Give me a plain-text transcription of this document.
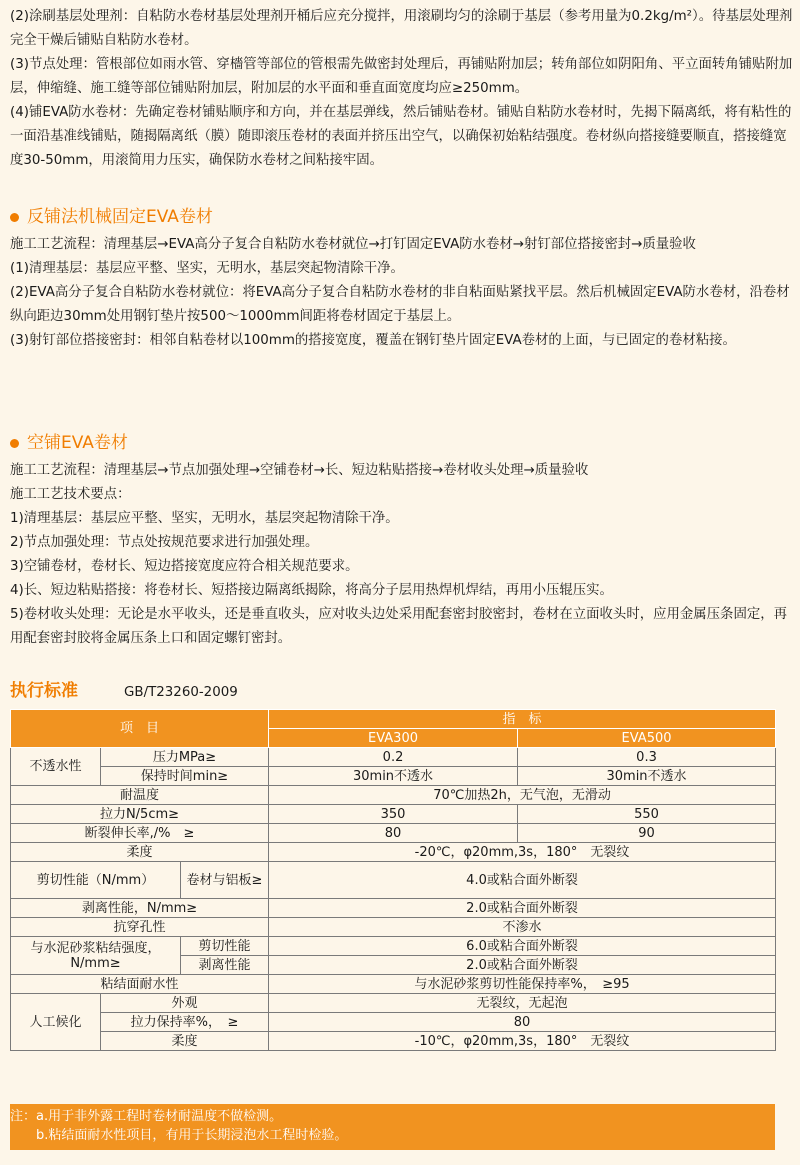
(2)涂刷基层处理剂：自粘防水卷材基层处理剂开桶后应充分搅拌，用滚刷均匀的涂刷于基层（参考用量为0.2kg/m²）。待基层处理剂完全干燥后铺贴自粘防水卷材。

(3)节点处理：管根部位如雨水管、穿檣管等部位的管根需先做密封处理后，再铺贴附加层；转角部位如阴阳角、平立面转角铺贴附加层，伸缩缝、施工缝等部位铺贴附加层，附加层的水平面和垂直面宽度均应≥250mm。

(4)铺EVA防水卷材：先确定卷材铺贴顺序和方向，并在基层弹线，然后铺贴卷材。铺贴自粘防水卷材时，先揭下隔离纸，将有粘性的一面沿基准线铺贴，随揭隔离纸（膜）随即滚压卷材的表面并挤压出空气，以确保初始粘结强度。卷材纵向搭接缝要顺直，搭接缝宽度30-50mm，用滚简用力压实，确保防水卷材之间粘接牢固。

反铺法机械固定EVA卷材

施工工艺流程：清理基层→EVA高分子复合自粘防水卷材就位→打钉固定EVA防水卷材→射钉部位搭接密封→质量验收

(1)清理基层：基层应平整、坚实，无明水，基层突起物清除干净。

(2)EVA高分子复合自粘防水卷材就位：将EVA高分子复合自粘防水卷材的非自粘面贴紧找平层。然后机械固定EVA防水卷材，沿卷材纵向距边30mm处用钢钉垫片按500～1000mm间距将卷材固定于基层上。

(3)射钉部位搭接密封：相邻自粘卷材以100mm的搭接宽度，覆盖在钢钉垫片固定EVA卷材的上面，与已固定的卷材粘接。

空铺EVA卷材

施工工艺流程：清理基层→节点加强处理→空铺卷材→长、短边粘贴搭接→卷材收头处理→质量验收

施工工艺技术要点：

1)清理基层：基层应平整、坚实，无明水，基层突起物清除干净。

2)节点加强处理：节点处按规范要求进行加强处理。

3)空铺卷材，卷材长、短边搭接宽度应符合相关规范要求。

4)长、短边粘贴搭接：将卷材长、短搭接边隔离纸揭除，将高分子层用热焊机焊结，再用小压辊压实。

5)卷材收头处理：无论是水平收头，还是垂直收头，应对收头边处采用配套密封胶密封，卷材在立面收头时，应用金属压条固定，再用配套密封胶将金属压条上口和固定螺钉密封。

执行标准	GB/T23260-2009
项　目			指　标	
			EVA300	EVA500
不透水性	压力MPa≥		0.2	0.3
	保持时间min≥		30min不透水	30min不透水
耐温度			70℃加热2h，无气泡，无滑动	
拉力N/5cm≥			350	550
断裂伸长率,/%　≥			80	90
柔度			-20℃，φ20mm,3s，180°　无裂纹	
剪切性能（N/mm）		卷材与铝板≥	4.0或粘合面外断裂	
剥离性能，N/mm≥			2.0或粘合面外断裂	
抗穿孔性			不渗水	
与水泥砂浆粘结强度，N/mm≥		剪切性能	6.0或粘合面外断裂	
		剥离性能	2.0或粘合面外断裂	
粘结面耐水性			与水泥砂浆剪切性能保持率%，　≥95	
人工候化	外观		无裂纹，无起泡	
	拉力保持率%，　≥		80	
	柔度		-10℃，φ20mm,3s，180°　无裂纹	

注：a.用于非外露工程时卷材耐温度不做检测。

　　b.粘结面耐水性项目，有用于长期浸泡水工程时检验。
